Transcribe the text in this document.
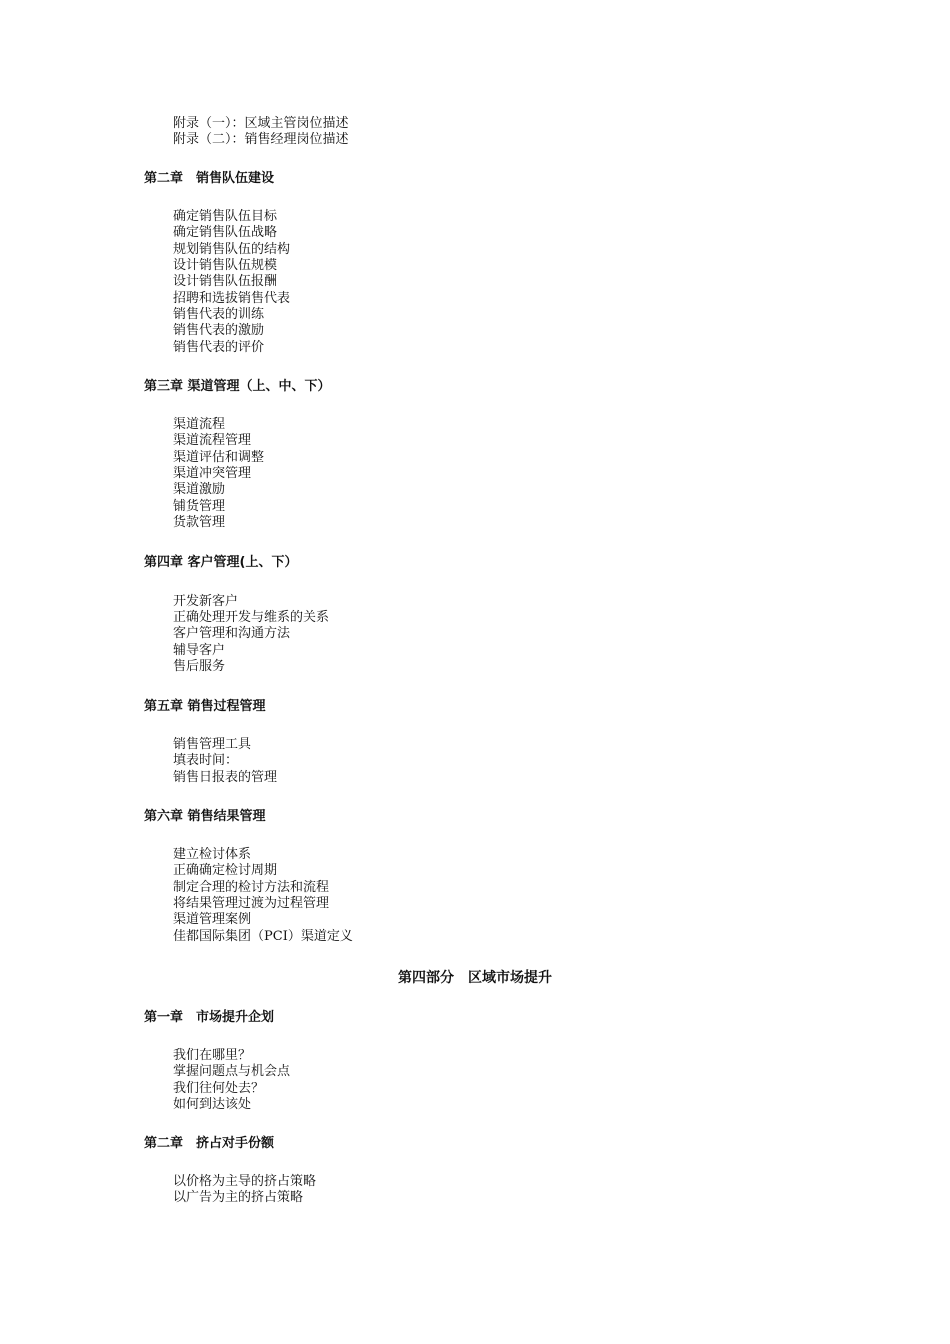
附录（一）：区域主管岗位描述
附录（二）：销售经理岗位描述
第二章　销售队伍建设
确定销售队伍目标
确定销售队伍战略
规划销售队伍的结构
设计销售队伍规模
设计销售队伍报酬
招聘和选拔销售代表
销售代表的训练
销售代表的激励
销售代表的评价
第三章 渠道管理（上、中、下）
渠道流程
渠道流程管理
渠道评估和调整
渠道冲突管理
渠道激励
铺货管理
货款管理
第四章 客户管理(上、下）
开发新客户
正确处理开发与维系的关系
客户管理和沟通方法
辅导客户
售后服务
第五章 销售过程管理
销售管理工具
填表时间：
销售日报表的管理
第六章 销售结果管理
建立检讨体系
正确确定检讨周期
制定合理的检讨方法和流程
将结果管理过渡为过程管理
渠道管理案例
佳都国际集团（PCI）渠道定义
第四部分　区域市场提升
第一章　市场提升企划
我们在哪里？
掌握问题点与机会点
我们往何处去？
如何到达该处
第二章　挤占对手份额
以价格为主导的挤占策略
以广告为主的挤占策略
